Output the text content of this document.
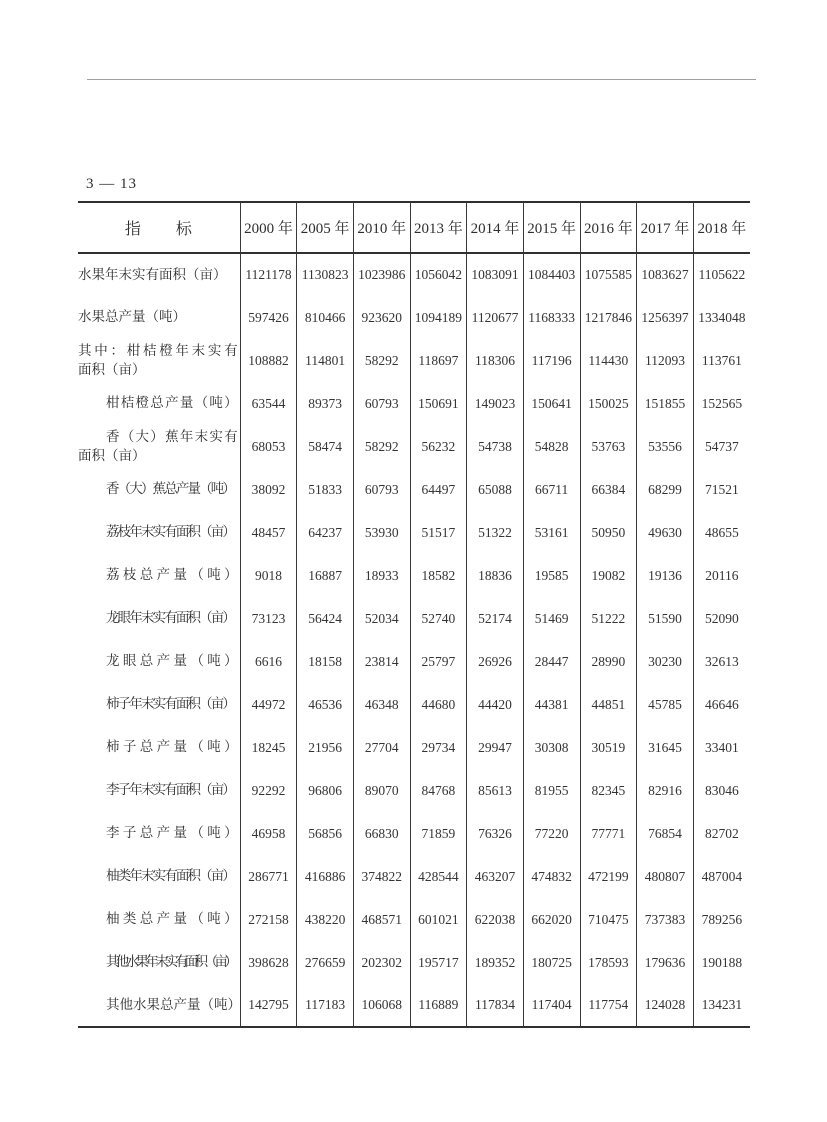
3 — 13
指　　标	2000 年	2005 年	2010 年	2013 年	2014 年	2015 年	2016 年	2017 年	2018 年

水果年末实有面积（亩）	1121178	1130823	1023986	1056042	1083091	1084403	1075585	1083627	1105622

水果总产量（吨）	597426	810466	923620	1094189	1120677	1168333	1217846	1256397	1334048

其中：柑桔橙年末实有
面积（亩）	108882	114801	58292	118697	118306	117196	114430	112093	113761

柑桔橙总产量（吨）	63544	89373	60793	150691	149023	150641	150025	151855	152565

香（大）蕉年末实有
面积（亩）	68053	58474	58292	56232	54738	54828	53763	53556	54737

香（大）蕉总产量（吨）	38092	51833	60793	64497	65088	66711	66384	68299	71521

荔枝年末实有面积（亩）	48457	64237	53930	51517	51322	53161	50950	49630	48655

荔枝总产量（吨）	9018	16887	18933	18582	18836	19585	19082	19136	20116

龙眼年末实有面积（亩）	73123	56424	52034	52740	52174	51469	51222	51590	52090

龙眼总产量（吨）	6616	18158	23814	25797	26926	28447	28990	30230	32613

柿子年末实有面积（亩）	44972	46536	46348	44680	44420	44381	44851	45785	46646

柿子总产量（吨）	18245	21956	27704	29734	29947	30308	30519	31645	33401

李子年末实有面积（亩）	92292	96806	89070	84768	85613	81955	82345	82916	83046

李子总产量（吨）	46958	56856	66830	71859	76326	77220	77771	76854	82702

柚类年末实有面积（亩）	286771	416886	374822	428544	463207	474832	472199	480807	487004

柚类总产量（吨）	272158	438220	468571	601021	622038	662020	710475	737383	789256

其他水果年末实有面积（亩）	398628	276659	202302	195717	189352	180725	178593	179636	190188

其他水果总产量（吨）	142795	117183	106068	116889	117834	117404	117754	124028	134231
